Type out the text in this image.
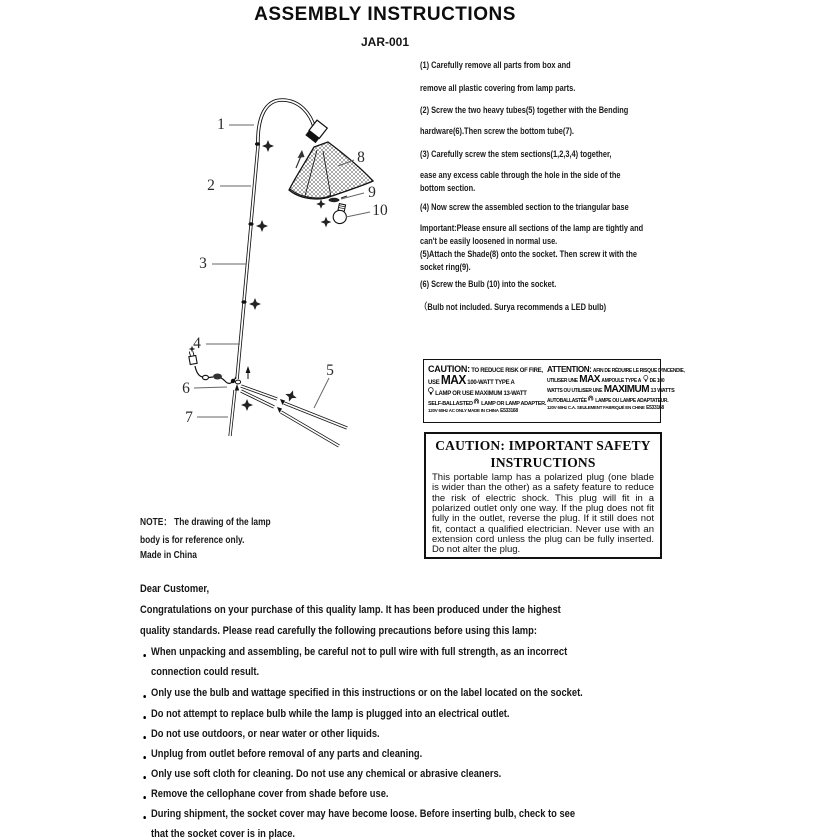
ASSEMBLY INSTRUCTIONS
JAR-001
1
2
3
4
5
6
7
8
9
10
(1) Carefully remove all parts from box and
remove all plastic covering from lamp parts.
(2) Screw the two heavy tubes(5) together with the Bending
hardware(6).Then screw the bottom tube(7).
(3) Carefully screw the stem sections(1,2,3,4) together,
ease any excess cable through the hole in the side of the
bottom section.
(4) Now screw the assembled section to the triangular base
Important:Please ensure all sections of the lamp are tightly and
can't be easily loosened in normal use.
(5)Attach the Shade(8) onto the socket. Then screw it with the
socket ring(9).
(6) Screw the Bulb (10) into the socket.
（Bulb not included. Surya recommends a LED bulb)
CAUTION: TO REDUCE RISK OF FIRE,
USE MAX 100-WATT TYPE A
LAMP OR USE MAXIMUM 13-WATT
SELF-BALLASTED LAMP OR LAMP ADAPTER.
120V 60Hz AC ONLY MADE IN CHINA E533168
ATTENTION: AFIN DE RÉDUIRE LE RISQUE D'INCENDIE,
UTILISER UNE MAX AMPOULE TYPE A DE 100
WATTS OU UTILISER UNE MAXIMUM 13 WATTS
AUTOBALLASTÉE LAMPE OU LAMPE ADAPTATEUR.
120V 60Hz C.A. SEULEMENT FABRIQUÉ EN CHINE E533168
CAUTION: IMPORTANT SAFETY
INSTRUCTIONS
This portable lamp has a polarized plug (one blade is wider than the other) as a safety feature to reduce the risk of electric shock. This plug will fit in a polarized outlet only one way. If the plug does not fit fully in the outlet, reverse the plug. If it still does not fit, contact a qualified electrician. Never use with an extension cord unless the plug can be fully inserted. Do not alter the plug.
NOTE： The drawing of the lamp
body is for reference only.
Made in China
Dear Customer,
Congratulations on your purchase of this quality lamp. It has been produced under the highest
quality standards. Please read carefully the following precautions before using this lamp:
When unpacking and assembling, be careful not to pull wire with full strength, as an incorrect
connection could result.
Only use the bulb and wattage specified in this instructions or on the label located on the socket.
Do not attempt to replace bulb while the lamp is plugged into an electrical outlet.
Do not use outdoors, or near water or other liquids.
Unplug from outlet before removal of any parts and cleaning.
Only use soft cloth for cleaning. Do not use any chemical or abrasive cleaners.
Remove the cellophane cover from shade before use.
During shipment, the socket cover may have become loose. Before inserting bulb, check to see
that the socket cover is in place.
